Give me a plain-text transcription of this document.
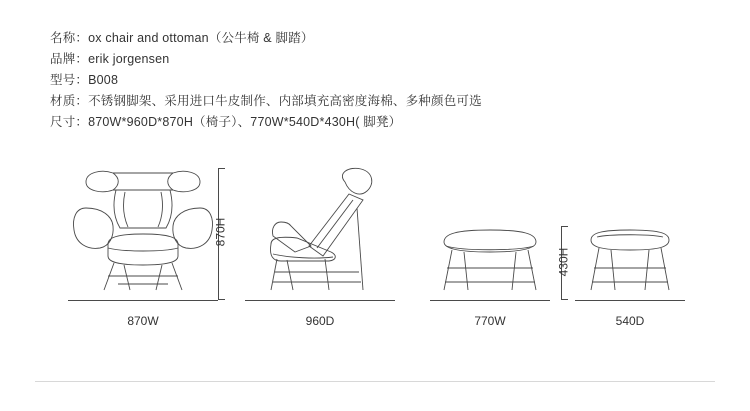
名称：ox chair and ottoman（公牛椅 & 脚踏）
品牌：erik jorgensen
型号：B008
材质：不锈钢脚架、采用进口牛皮制作、内部填充高密度海棉、多种颜色可选
尺寸：870W*960D*870H（椅子）、770W*540D*430H( 脚凳）
870H
430H
870W	960D	770W	540D
